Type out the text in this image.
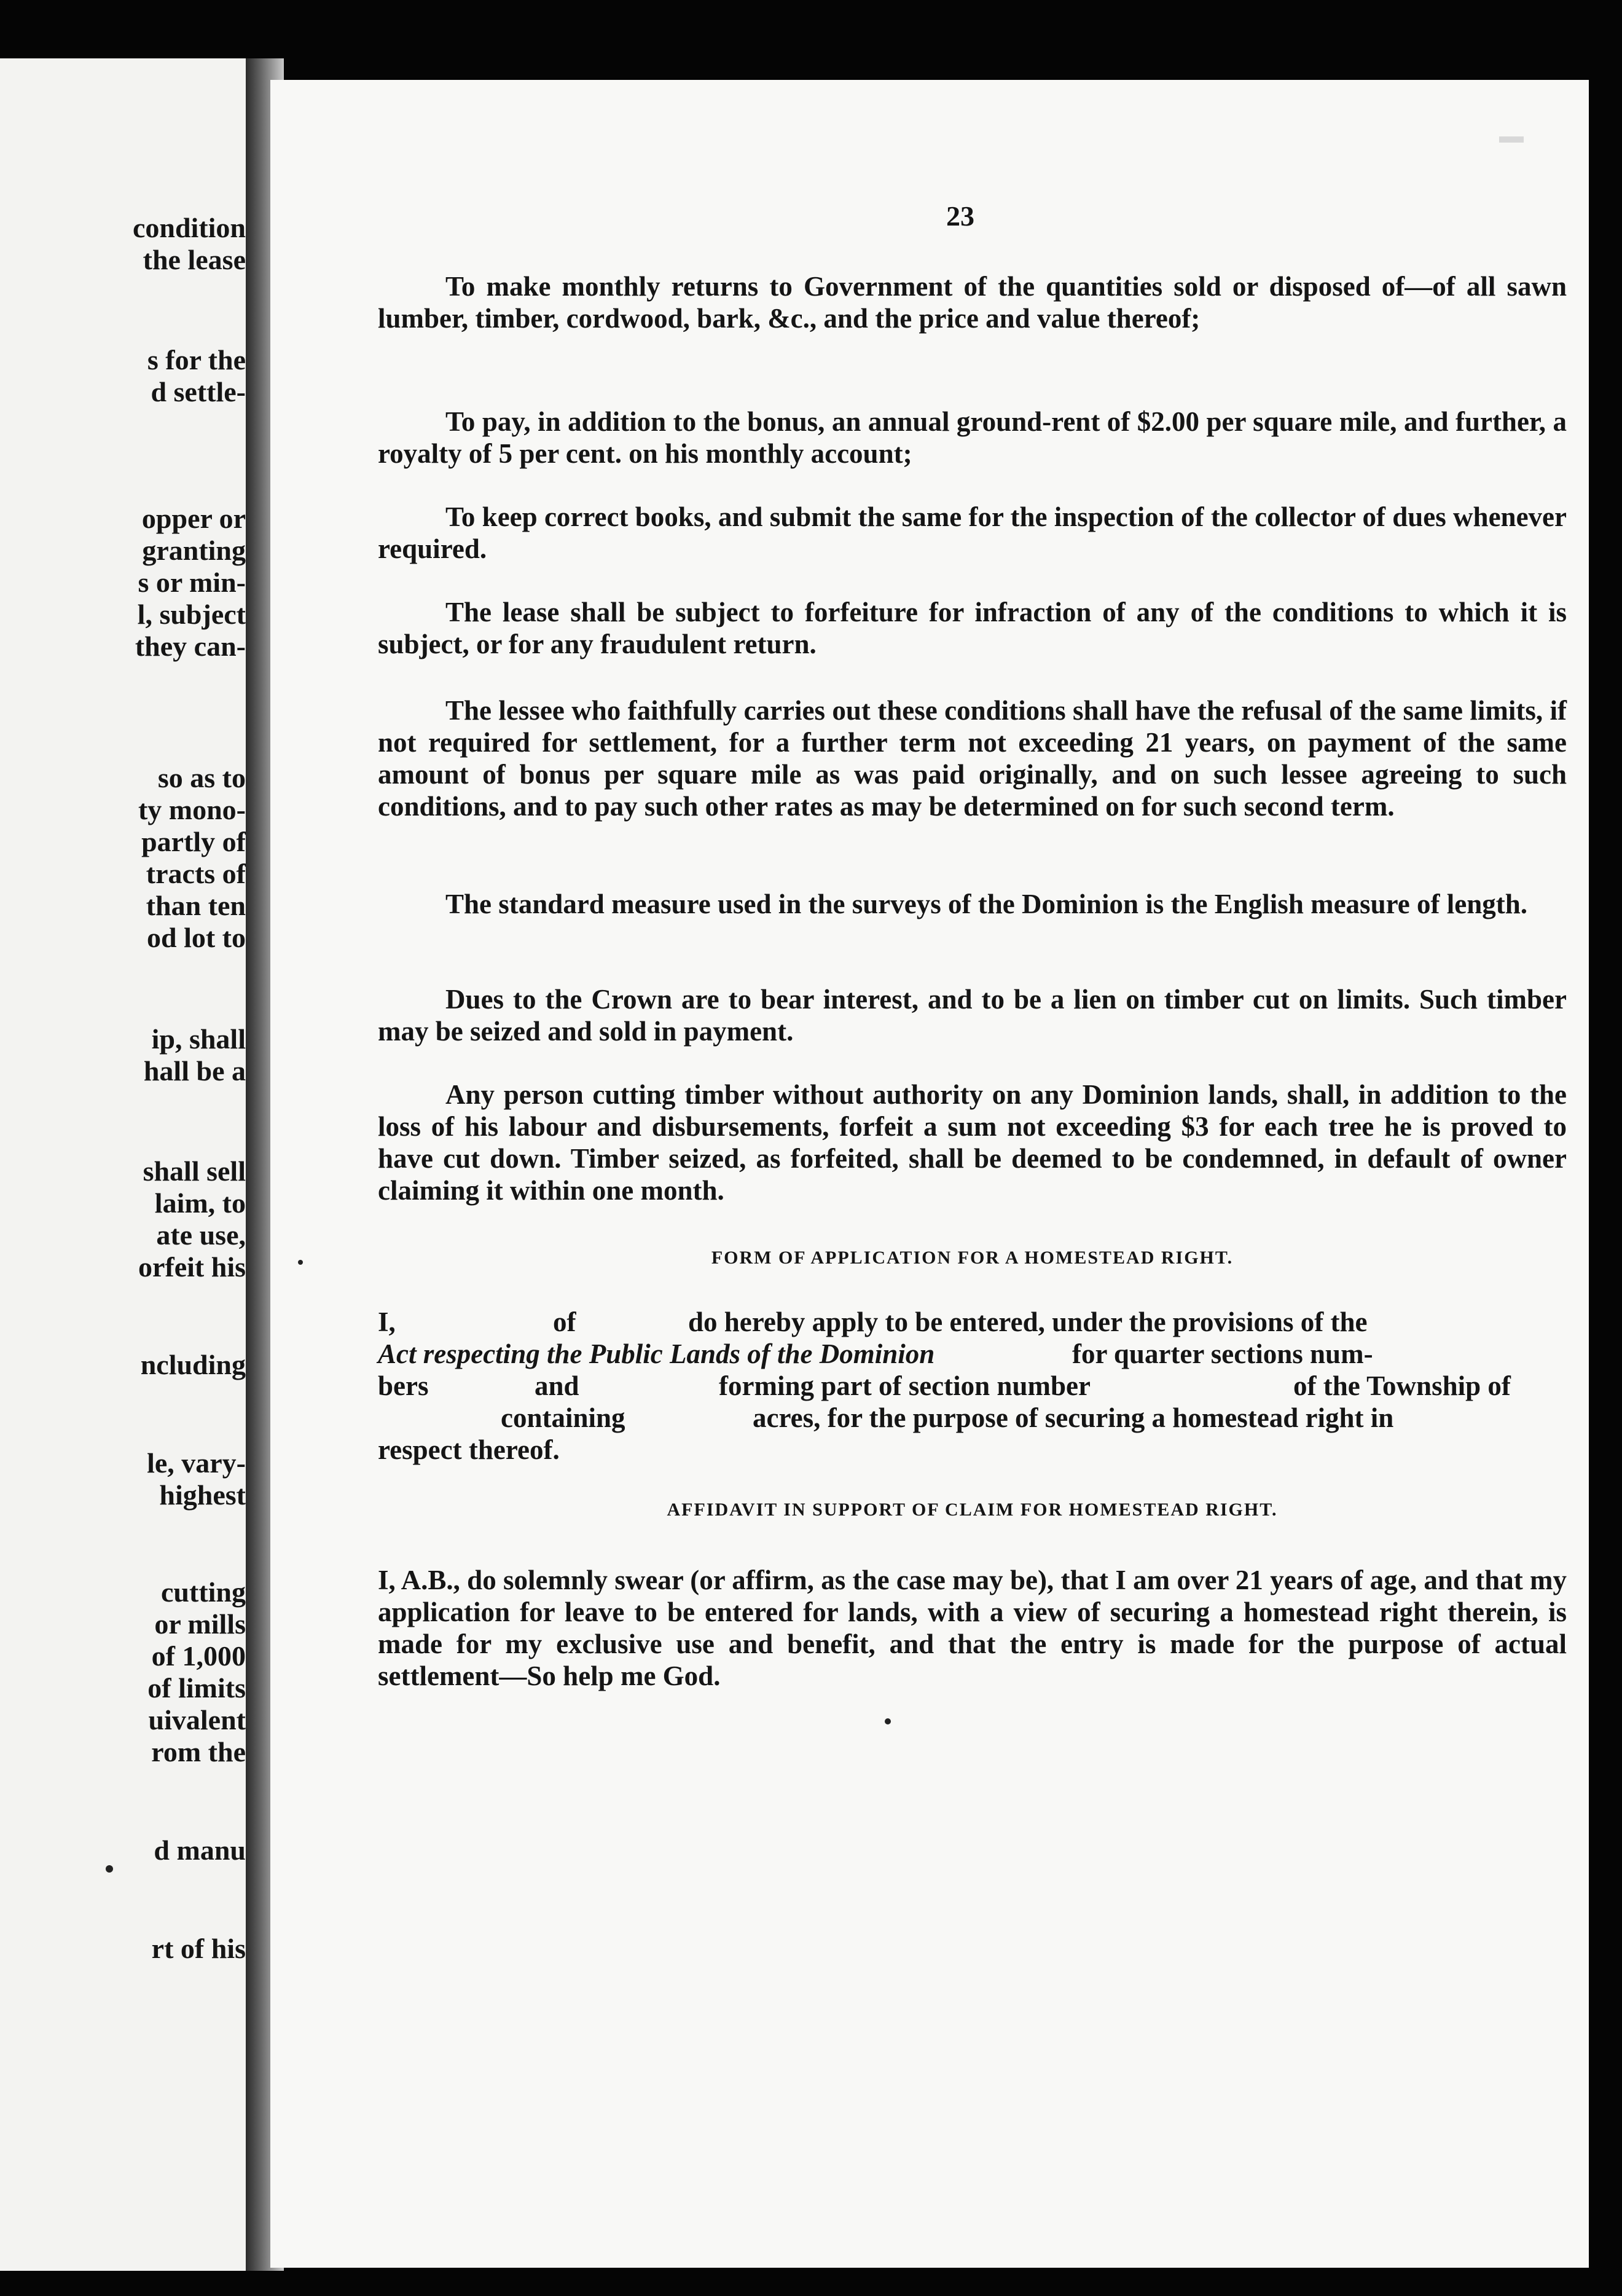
condition
the lease
s for the
d settle-
opper or
granting
s or min-
l, subject
they can-
so as to
ty mono-
partly of
tracts of
than ten
od lot to
ip, shall
hall be a
shall sell
laim, to
ate use,
orfeit his
ncluding
le, vary-
highest
cutting
or mills
of 1,000
of limits
uivalent
rom the
d manu
rt of his
23
Any person cutting timber without authority on any Dominion lands, shall, in addition to the loss of his labour and disbursements, forfeit a sum not exceeding $3 for each tree he is proved to have cut down. Timber seized, as forfeited, shall be deemed to be condemned, in default of owner claiming it within one month.
Dues to the Crown are to bear interest, and to be a lien on timber cut on limits. Such timber may be seized and sold in payment.
The standard measure used in the surveys of the Dominion is the English measure of length.
The lessee who faithfully carries out these conditions shall have the refusal of the same limits, if not required for settlement, for a further term not exceeding 21 years, on payment of the same amount of bonus per square mile as was paid originally, and on such lessee agreeing to such conditions, and to pay such other rates as may be determined on for such second term.
The lease shall be subject to forfeiture for infraction of any of the conditions to which it is subject, or for any fraudulent return.
To keep correct books, and submit the same for the inspection of the collector of dues whenever required.
To pay, in addition to the bonus, an annual ground-rent of $2.00 per square mile, and further, a royalty of 5 per cent. on his monthly account;
To make monthly returns to Government of the quantities sold or disposed of—of all sawn lumber, timber, cordwood, bark, &c., and the price and value thereof;
FORM OF APPLICATION FOR A HOMESTEAD RIGHT.
I,	of	do hereby apply to be entered, under the provisions of the
Act respecting the Public Lands of the Dominion	for quarter sections num-
bers	and	forming part of section number	of the Township of
containing	acres, for the purpose of securing a homestead right in
respect thereof.
AFFIDAVIT IN SUPPORT OF CLAIM FOR HOMESTEAD RIGHT.
I, A.B., do solemnly swear (or affirm, as the case may be), that I am over 21 years of age, and that my application for leave to be entered for lands, with a view of securing a homestead right therein, is made for my exclusive use and benefit, and that the entry is made for the purpose of actual settlement—So help me God.
